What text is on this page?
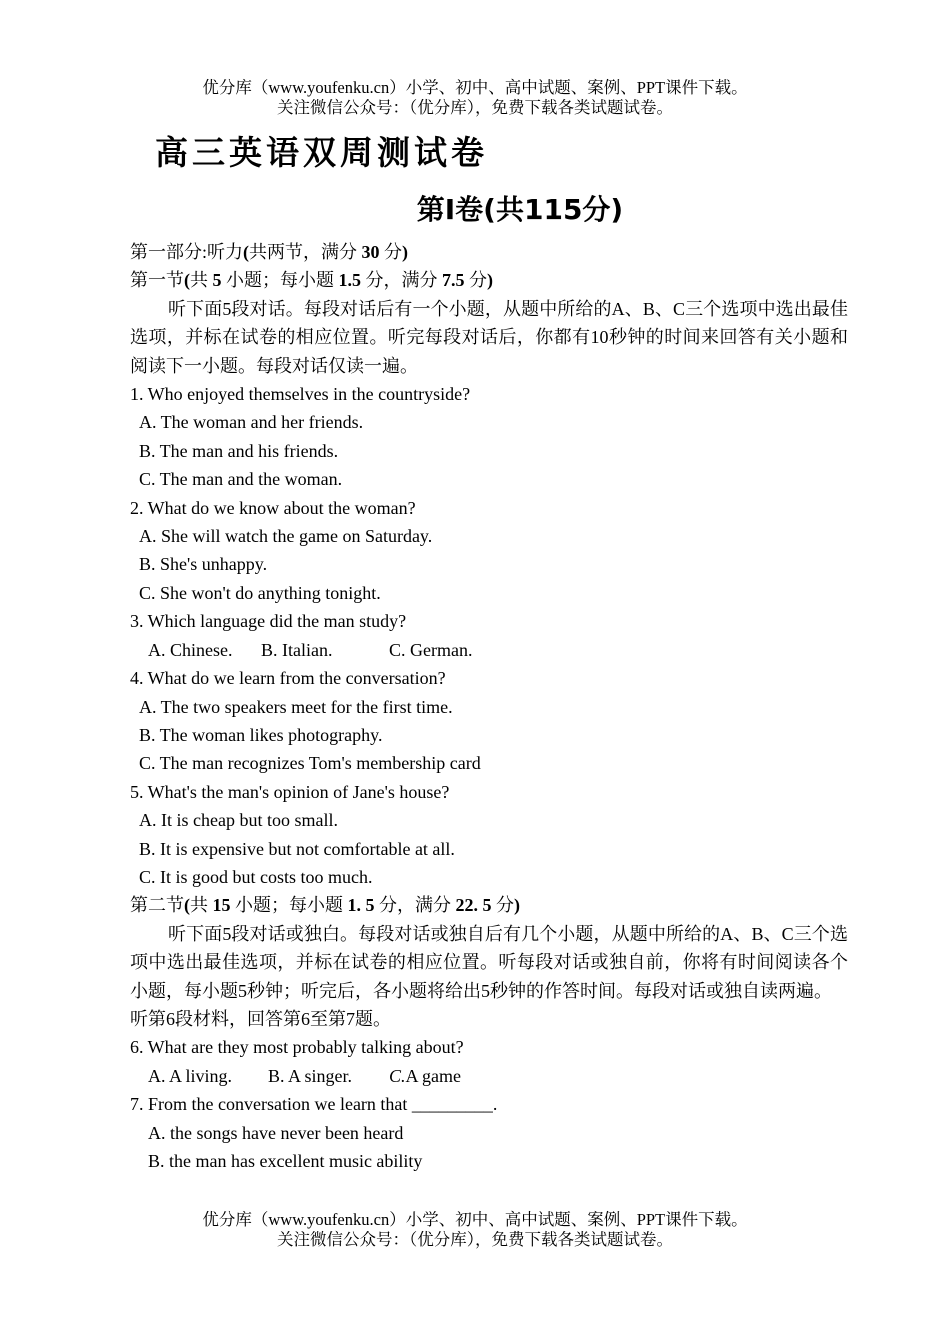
优分库（www.youfenku.cn）小学、初中、高中试题、案例、PPT课件下载。
关注微信公众号：（优分库），免费下载各类试题试卷。
高三英语双周测试卷
第Ⅰ卷(共115分)
第一部分:听力(共两节，满分 30 分)
第一节(共 5 小题；每小题 1.5 分，满分 7.5 分)
听下面5段对话。每段对话后有一个小题，从题中所给的A、B、C三个选项中选出最佳选项，并标在试卷的相应位置。听完每段对话后，你都有10秒钟的时间来回答有关小题和阅读下一小题。每段对话仅读一遍。
1. Who enjoyed themselves in the countryside?
A. The woman and her friends.
B. The man and his friends.
C. The man and the woman.
2. What do we know about the woman?
A. She will watch the game on Saturday.
B. She's unhappy.
C. She won't do anything tonight.
3. Which language did the man study?
A. Chinese. B. Italian.	C. German.
4. What do we learn from the conversation?
A. The two speakers meet for the first time.
B. The woman likes photography.
C. The man recognizes Tom's membership card
5. What's the man's opinion of Jane's house?
A. It is cheap but too small.
B. It is expensive but not comfortable at all.
C. It is good but costs too much.
第二节(共 15 小题；每小题 1. 5 分，满分 22. 5 分)
听下面5段对话或独白。每段对话或独自后有几个小题，从题中所给的A、B、C三个选项中选出最佳选项，并标在试卷的相应位置。听每段对话或独自前，你将有时间阅读各个小题，每小题5秒钟；听完后，各小题将给出5秒钟的作答时间。每段对话或独自读两遍。
听第6段材料，回答第6至第7题。
6. What are they most probably talking about?
A. A living. B. A singer. C.A game
7. From the conversation we learn that _________.
A. the songs have never been heard
B. the man has excellent music ability
优分库（www.youfenku.cn）小学、初中、高中试题、案例、PPT课件下载。
关注微信公众号：（优分库），免费下载各类试题试卷。
